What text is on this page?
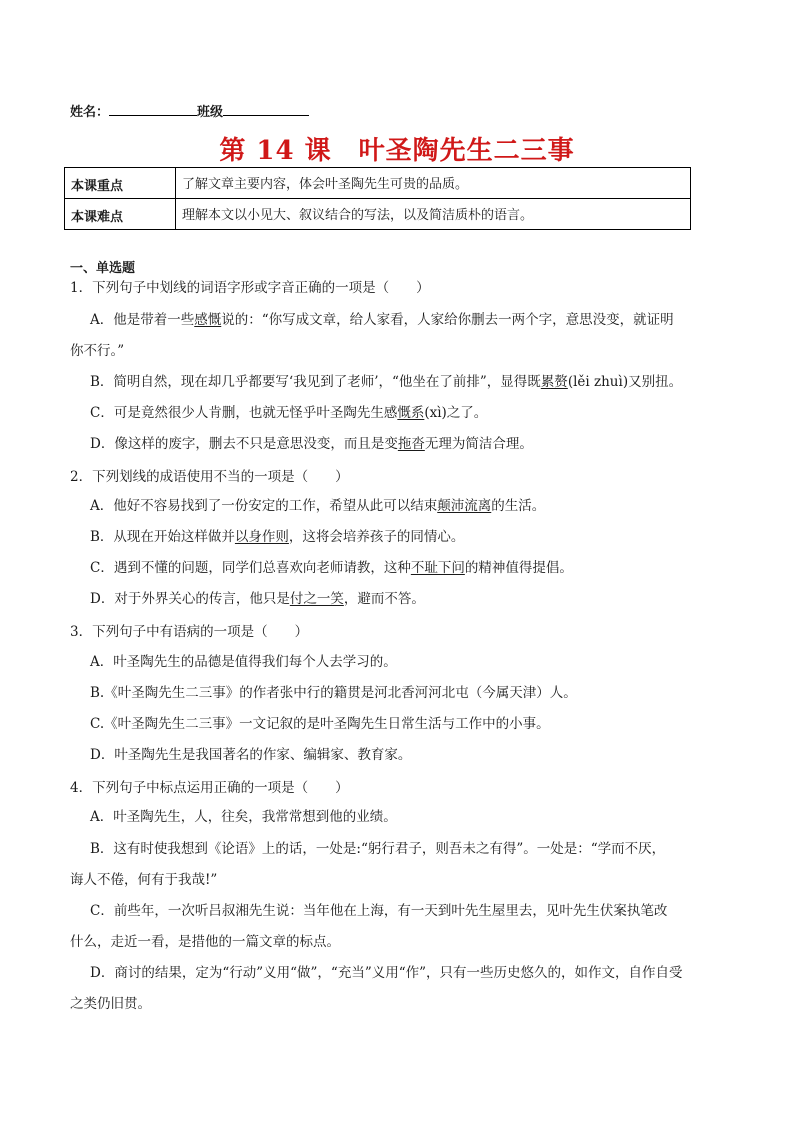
姓名：	班级
第 14 课　叶圣陶先生二三事
本课重点	了解文章主要内容，体会叶圣陶先生可贵的品质。
本课难点	理解本文以小见大、叙议结合的写法，以及简洁质朴的语言。
一、单选题
1．下列句子中划线的词语字形或字音正确的一项是（　　）
A．他是带着一些感慨说的：“你写成文章，给人家看，人家给你删去一两个字，意思没变，就证明
你不行。”
B．简明自然，现在却几乎都要写‘我见到了老师’，“他坐在了前排”，显得既累赘(lěi zhuì)又别扭。
C．可是竟然很少人肯删，也就无怪乎叶圣陶先生感慨系(xì)之了。
D．像这样的废字，删去不只是意思没变，而且是变拖沓无理为简洁合理。
2．下列划线的成语使用不当的一项是（　　）
A．他好不容易找到了一份安定的工作，希望从此可以结束颠沛流离的生活。
B．从现在开始这样做并以身作则，这将会培养孩子的同情心。
C．遇到不懂的问题，同学们总喜欢向老师请教，这种不耻下问的精神值得提倡。
D．对于外界关心的传言，他只是付之一笑，避而不答。
3．下列句子中有语病的一项是（　　）
A．叶圣陶先生的品德是值得我们每个人去学习的。
B.《叶圣陶先生二三事》的作者张中行的籍贯是河北香河河北屯（今属天津）人。
C.《叶圣陶先生二三事》一文记叙的是叶圣陶先生日常生活与工作中的小事。
D．叶圣陶先生是我国著名的作家、编辑家、教育家。
4．下列句子中标点运用正确的一项是（　　）
A．叶圣陶先生，人，往矣，我常常想到他的业绩。
B．这有时使我想到《论语》上的话，一处是:“躬行君子，则吾未之有得”。一处是：“学而不厌，
诲人不倦，何有于我哉!”
C．前些年，一次听吕叔湘先生说：当年他在上海，有一天到叶先生屋里去，见叶先生伏案执笔改
什么，走近一看，是措他的一篇文章的标点。
D．商讨的结果，定为“行动”义用“做”，“充当”义用“作”，只有一些历史悠久的，如作文，自作自受
之类仍旧贯。
